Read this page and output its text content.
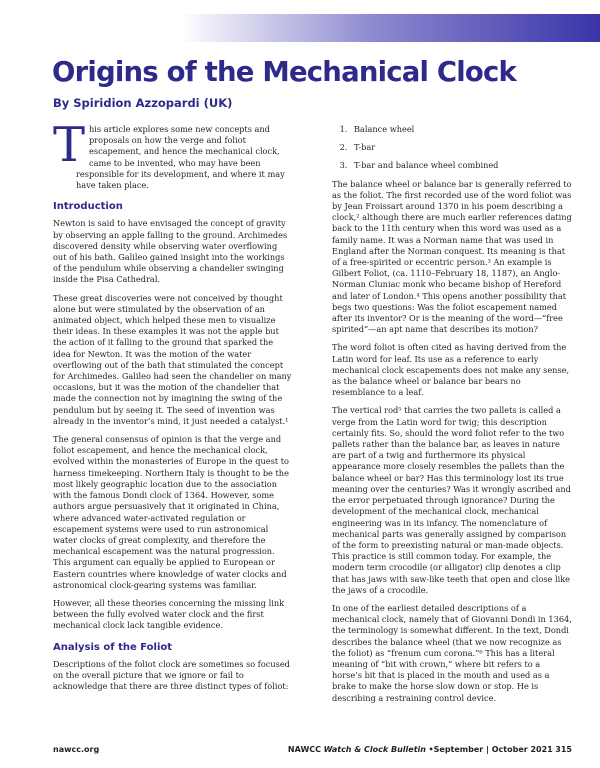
Origins of the Mechanical Clock

By Spiridion Azzopardi (UK)

T his article explores some new concepts and proposals on how the verge and foliot escapement, and hence the mechanical clock, came to be invented, who may have been responsible for its development, and where it may have taken place.

Introduction

Newton is said to have envisaged the concept of gravity by observing an apple falling to the ground. Archimedes discovered density while observing water overflowing out of his bath. Galileo gained insight into the workings of the pendulum while observing a chandelier swinging inside the Pisa Cathedral.

These great discoveries were not conceived by thought alone but were stimulated by the observation of an animated object, which helped these men to visualize their ideas. In these examples it was not the apple but the action of it falling to the ground that sparked the idea for Newton. It was the motion of the water overflowing out of the bath that stimulated the concept for Archimedes. Galileo had seen the chandelier on many occasions, but it was the motion of the chandelier that made the connection not by imagining the swing of the pendulum but by seeing it. The seed of invention was already in the inventor’s mind, it just needed a catalyst.¹

The general consensus of opinion is that the verge and foliot escapement, and hence the mechanical clock, evolved within the monasteries of Europe in the quest to harness timekeeping. Northern Italy is thought to be the most likely geographic location due to the association with the famous Dondi clock of 1364. However, some authors argue persuasively that it originated in China, where advanced water-activated regulation or escapement systems were used to run astronomical water clocks of great complexity, and therefore the mechanical escapement was the natural progression. This argument can equally be applied to European or Eastern countries where knowledge of water clocks and astronomical clock-gearing systems was familiar.

However, all these theories concerning the missing link between the fully evolved water clock and the first mechanical clock lack tangible evidence.

Analysis of the Foliot

Descriptions of the foliot clock are sometimes so focused on the overall picture that we ignore or fail to acknowledge that there are three distinct types of foliot:

1. Balance wheel
2. T-bar
3. T-bar and balance wheel combined

The balance wheel or balance bar is generally referred to as the foliot. The first recorded use of the word foliot was by Jean Froissart around 1370 in his poem describing a clock,² although there are much earlier references dating back to the 11th century when this word was used as a family name. It was a Norman name that was used in England after the Norman conquest. Its meaning is that of a free-spirited or eccentric person.³ An example is Gilbert Foliot, (ca. 1110–February 18, 1187), an Anglo-Norman Cluniac monk who became bishop of Hereford and later of London.⁴ This opens another possibility that begs two questions: Was the foliot escapement named after its inventor? Or is the meaning of the word—“free spirited”—an apt name that describes its motion?

The word foliot is often cited as having derived from the Latin word for leaf. Its use as a reference to early mechanical clock escapements does not make any sense, as the balance wheel or balance bar bears no resemblance to a leaf.

The vertical rod⁵ that carries the two pallets is called a verge from the Latin word for twig; this description certainly fits. So, should the word foliot refer to the two pallets rather than the balance bar, as leaves in nature are part of a twig and furthermore its physical appearance more closely resembles the pallets than the balance wheel or bar? Has this terminology lost its true meaning over the centuries? Was it wrongly ascribed and the error perpetuated through ignorance? During the development of the mechanical clock, mechanical engineering was in its infancy. The nomenclature of mechanical parts was generally assigned by comparison of the form to preexisting natural or man-made objects. This practice is still common today. For example, the modern term crocodile (or alligator) clip denotes a clip that has jaws with saw-like teeth that open and close like the jaws of a crocodile.

In one of the earliest detailed descriptions of a mechanical clock, namely that of Giovanni Dondi in 1364, the terminology is somewhat different. In the text, Dondi describes the balance wheel (that we now recognize as the foliot) as “frenum cum corona.”⁶ This has a literal meaning of “bit with crown,” where bit refers to a horse’s bit that is placed in the mouth and used as a brake to make the horse slow down or stop. He is describing a restraining control device.

nawcc.org	NAWCC Watch & Clock Bulletin •September | October 2021 315
